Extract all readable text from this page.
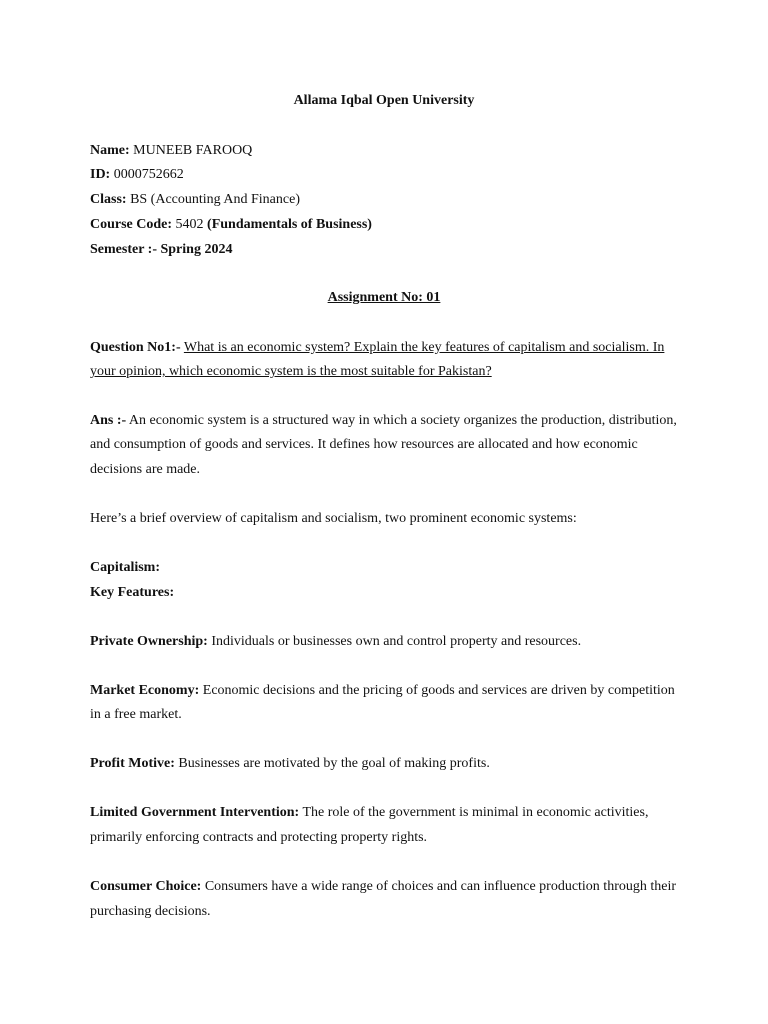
Allama Iqbal Open University
Name: MUNEEB FAROOQ
ID: 0000752662
Class: BS (Accounting And Finance)
Course Code: 5402 (Fundamentals of Business)
Semester :- Spring 2024
Assignment No: 01
Question No1:- What is an economic system? Explain the key features of capitalism and socialism. In
your opinion, which economic system is the most suitable for Pakistan?
Ans :- An economic system is a structured way in which a society organizes the production, distribution,
and consumption of goods and services. It defines how resources are allocated and how economic
decisions are made.
Here’s a brief overview of capitalism and socialism, two prominent economic systems:
Capitalism:
Key Features:
Private Ownership: Individuals or businesses own and control property and resources.
Market Economy: Economic decisions and the pricing of goods and services are driven by competition
in a free market.
Profit Motive: Businesses are motivated by the goal of making profits.
Limited Government Intervention: The role of the government is minimal in economic activities,
primarily enforcing contracts and protecting property rights.
Consumer Choice: Consumers have a wide range of choices and can influence production through their
purchasing decisions.
